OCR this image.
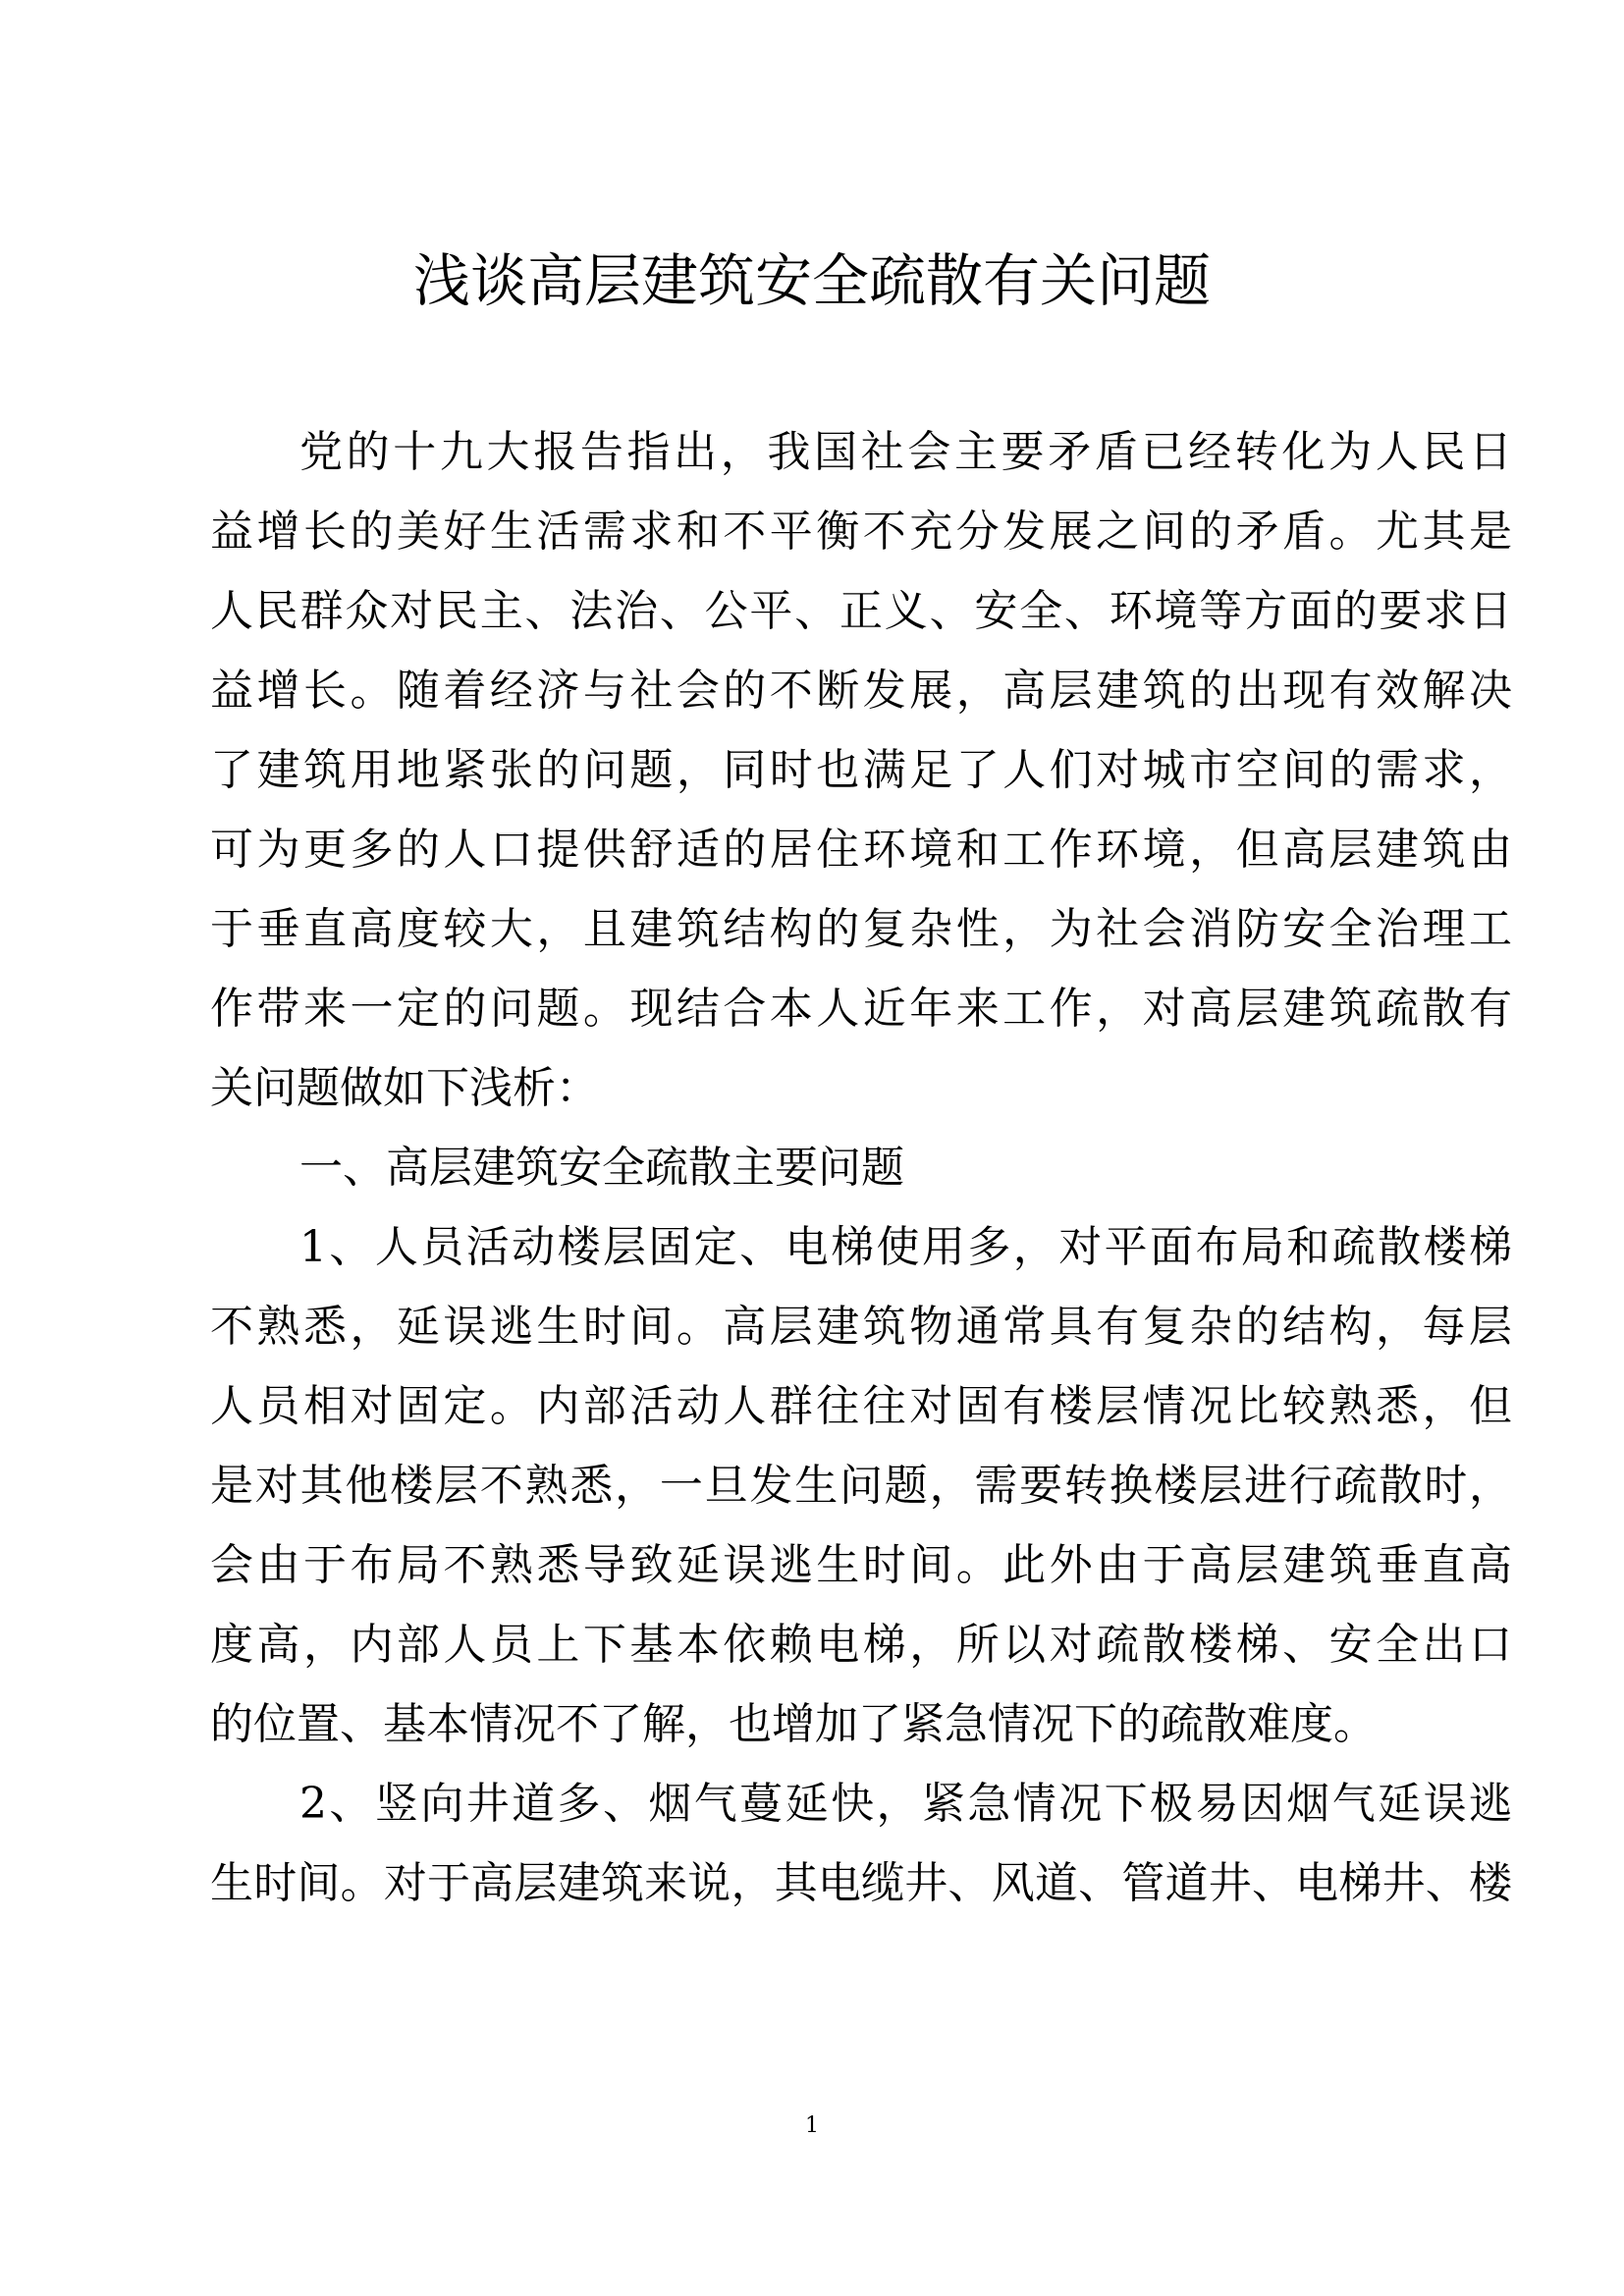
浅谈高层建筑安全疏散有关问题
党的十九大报告指出，我国社会主要矛盾已经转化为人民日
益增长的美好生活需求和不平衡不充分发展之间的矛盾。尤其是
人民群众对民主、法治、公平、正义、安全、环境等方面的要求日
益增长。随着经济与社会的不断发展，高层建筑的出现有效解决
了建筑用地紧张的问题，同时也满足了人们对城市空间的需求，
可为更多的人口提供舒适的居住环境和工作环境，但高层建筑由
于垂直高度较大，且建筑结构的复杂性，为社会消防安全治理工
作带来一定的问题。现结合本人近年来工作，对高层建筑疏散有
关问题做如下浅析：
一、高层建筑安全疏散主要问题
1、人员活动楼层固定、电梯使用多，对平面布局和疏散楼梯
不熟悉，延误逃生时间。高层建筑物通常具有复杂的结构，每层
人员相对固定。内部活动人群往往对固有楼层情况比较熟悉，但
是对其他楼层不熟悉，一旦发生问题，需要转换楼层进行疏散时，
会由于布局不熟悉导致延误逃生时间。此外由于高层建筑垂直高
度高，内部人员上下基本依赖电梯，所以对疏散楼梯、安全出口
的位置、基本情况不了解，也增加了紧急情况下的疏散难度。
2、竖向井道多、烟气蔓延快，紧急情况下极易因烟气延误逃
生时间。对于高层建筑来说，其电缆井、风道、管道井、电梯井、楼
1
